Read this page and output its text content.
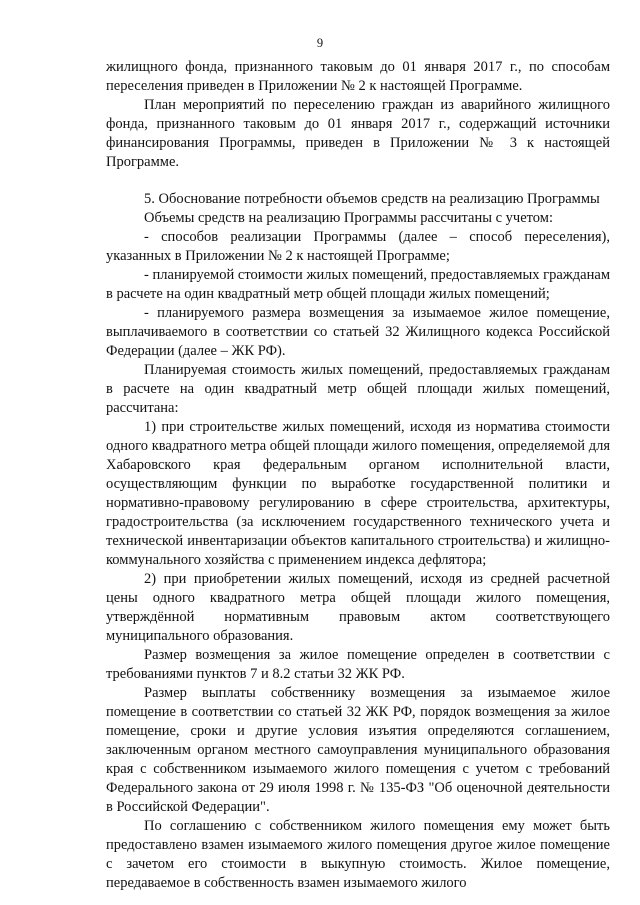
9

жилищного фонда, признанного таковым до 01 января 2017 г., по способам переселения приведен в Приложении № 2 к настоящей Программе.

План мероприятий по переселению граждан из аварийного жилищного фонда, признанного таковым до 01 января 2017 г., содержащий источники финансирования Программы, приведен в Приложении № 3 к настоящей Программе.

5. Обоснование потребности объемов средств на реализацию Программы

Объемы средств на реализацию Программы рассчитаны с учетом:

- способов реализации Программы (далее – способ переселения), указанных в Приложении № 2 к настоящей Программе;

- планируемой стоимости жилых помещений, предоставляемых гражданам в расчете на один квадратный метр общей площади жилых помещений;

- планируемого размера возмещения за изымаемое жилое помещение, выплачиваемого в соответствии со статьей 32 Жилищного кодекса Российской Федерации (далее – ЖК РФ).

Планируемая стоимость жилых помещений, предоставляемых гражданам в расчете на один квадратный метр общей площади жилых помещений, рассчитана:

1) при строительстве жилых помещений, исходя из норматива стоимости одного квадратного метра общей площади жилого помещения, определяемой для Хабаровского края федеральным органом исполнительной власти, осуществляющим функции по выработке государственной политики и нормативно-правовому регулированию в сфере строительства, архитектуры, градостроительства (за исключением государственного технического учета и технической инвентаризации объектов капитального строительства) и жилищно-коммунального хозяйства с применением индекса дефлятора;

2) при приобретении жилых помещений, исходя из средней расчетной цены одного квадратного метра общей площади жилого помещения, утверждённой нормативным правовым актом соответствующего муниципального образования.

Размер возмещения за жилое помещение определен в соответствии с требованиями пунктов 7 и 8.2 статьи 32 ЖК РФ.

Размер выплаты собственнику возмещения за изымаемое жилое помещение в соответствии со статьей 32 ЖК РФ, порядок возмещения за жилое помещение, сроки и другие условия изъятия определяются соглашением, заключенным органом местного самоуправления муниципального образования края с собственником изымаемого жилого помещения с учетом с требований Федерального закона от 29 июля 1998 г. № 135-ФЗ "Об оценочной деятельности в Российской Федерации".

По соглашению с собственником жилого помещения ему может быть предоставлено взамен изымаемого жилого помещения другое жилое помещение с зачетом его стоимости в выкупную стоимость. Жилое помещение, передаваемое в собственность взамен изымаемого жилого
